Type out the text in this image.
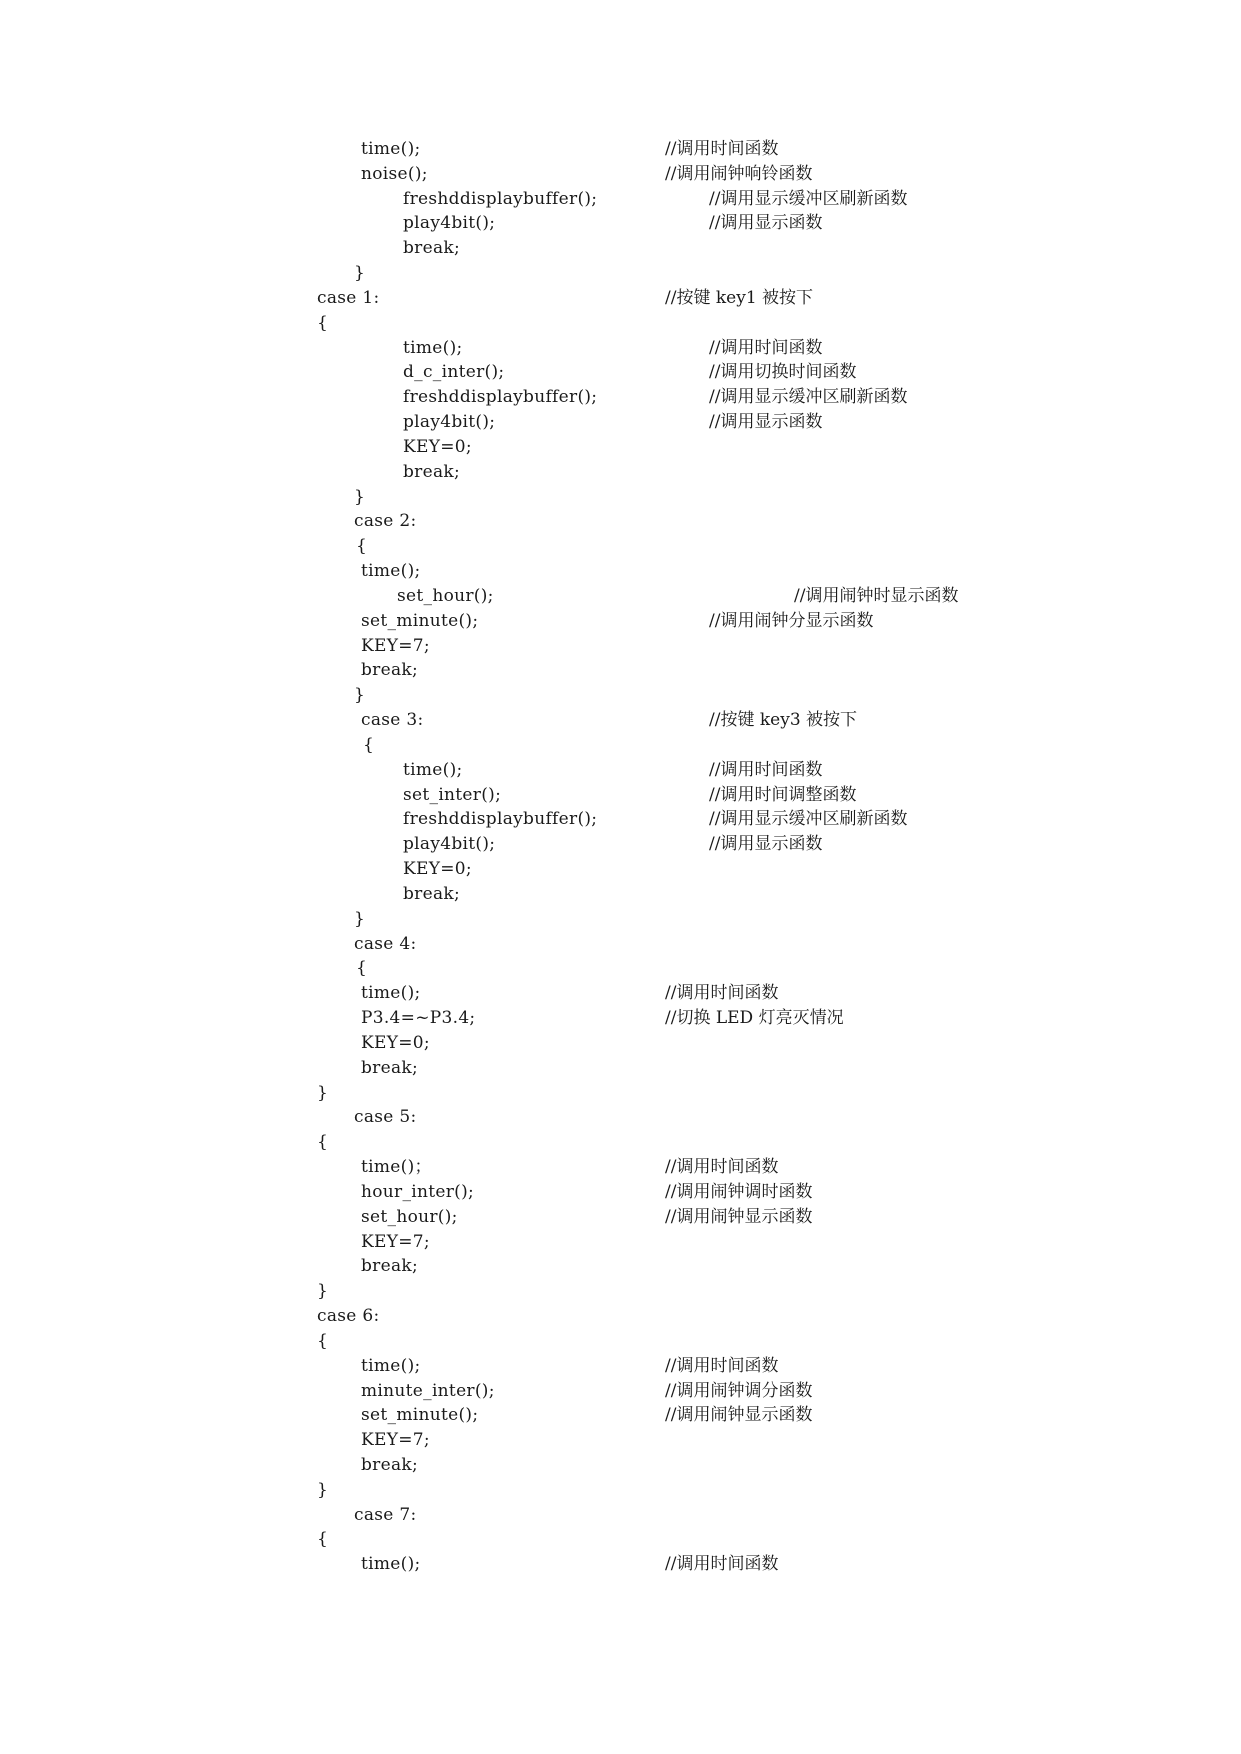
time();	//调用时间函数
noise();	//调用闹钟响铃函数
freshddisplaybuffer();	//调用显示缓冲区刷新函数
play4bit();	//调用显示函数
break;
}
case 1:	//按键 key1 被按下
{
time();	//调用时间函数
d_c_inter();	//调用切换时间函数
freshddisplaybuffer();	//调用显示缓冲区刷新函数
play4bit();	//调用显示函数
KEY=0;
break;
}
case 2:
{
time();
set_hour();	//调用闹钟时显示函数
set_minute();	//调用闹钟分显示函数
KEY=7;
break;
}
case 3:	//按键 key3 被按下
{
time();	//调用时间函数
set_inter();	//调用时间调整函数
freshddisplaybuffer();	//调用显示缓冲区刷新函数
play4bit();	//调用显示函数
KEY=0;
break;
}
case 4:
{
time();	//调用时间函数
P3.4=~P3.4;	//切换 LED 灯亮灭情况
KEY=0;
break;
}
case 5:
{
time()；	//调用时间函数
hour_inter();	//调用闹钟调时函数
set_hour();	//调用闹钟显示函数
KEY=7;
break;
}
case 6:
{
time();	//调用时间函数
minute_inter();	//调用闹钟调分函数
set_minute();	//调用闹钟显示函数
KEY=7;
break;
}
case 7:
{
time();	//调用时间函数
